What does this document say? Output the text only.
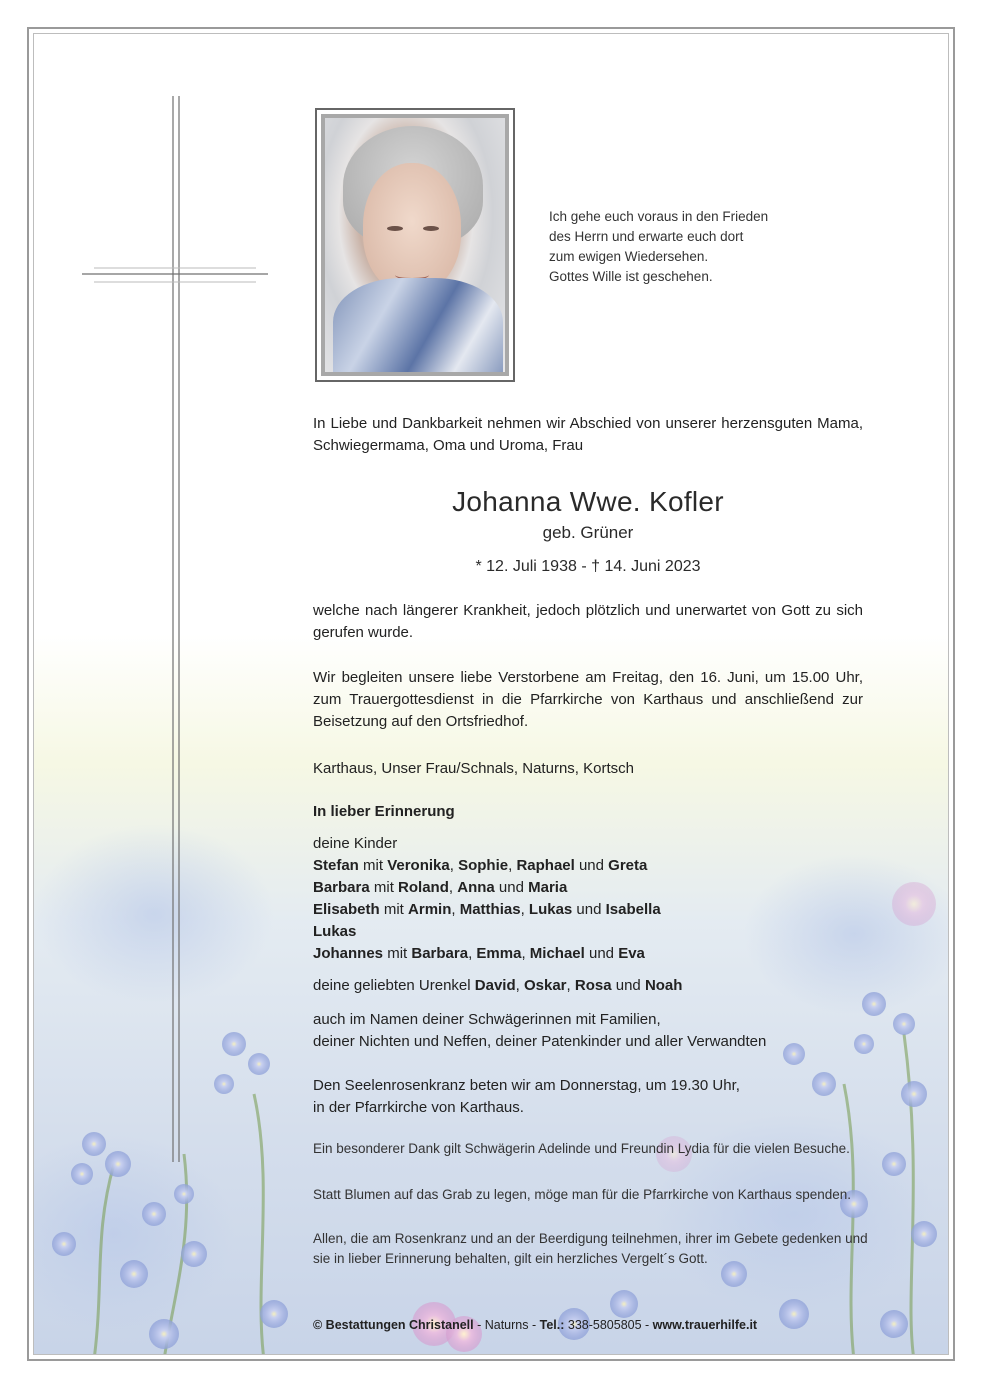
Ich gehe euch voraus in den Frieden
des Herrn und erwarte euch dort
zum ewigen Wiedersehen.
Gottes Wille ist geschehen.
In Liebe und Dankbarkeit nehmen wir Abschied von unserer herzensguten Mama, Schwiegermama, Oma und Uroma, Frau
Johanna Wwe. Kofler
geb. Grüner
* 12. Juli 1938 - † 14. Juni 2023
welche nach längerer Krankheit, jedoch plötzlich und unerwartet von Gott zu sich gerufen wurde.
Wir begleiten unsere liebe Verstorbene am Freitag, den 16. Juni, um 15.00 Uhr, zum Trauergottesdienst in die Pfarrkirche von Karthaus und anschließend zur Beisetzung auf den Ortsfriedhof.
Karthaus, Unser Frau/Schnals, Naturns, Kortsch
In lieber Erinnerung
deine Kinder
Stefan mit Veronika, Sophie, Raphael und Greta
Barbara mit Roland, Anna und Maria
Elisabeth mit Armin, Matthias, Lukas und Isabella
Lukas
Johannes mit Barbara, Emma, Michael und Eva
deine geliebten Urenkel David, Oskar, Rosa und Noah
auch im Namen deiner Schwägerinnen mit Familien,
deiner Nichten und Neffen, deiner Patenkinder und aller Verwandten
Den Seelenrosenkranz beten wir am Donnerstag, um 19.30 Uhr,
in der Pfarrkirche von Karthaus.
Ein besonderer Dank gilt Schwägerin Adelinde und Freundin Lydia für die vielen Besuche.
Statt Blumen auf das Grab zu legen, möge man für die Pfarrkirche von Karthaus spenden.
Allen, die am Rosenkranz und an der Beerdigung teilnehmen, ihrer im Gebete gedenken und sie in lieber Erinnerung behalten, gilt ein herzliches Vergelt´s Gott.
© Bestattungen Christanell - Naturns - Tel.: 338-5805805 - www.trauerhilfe.it
